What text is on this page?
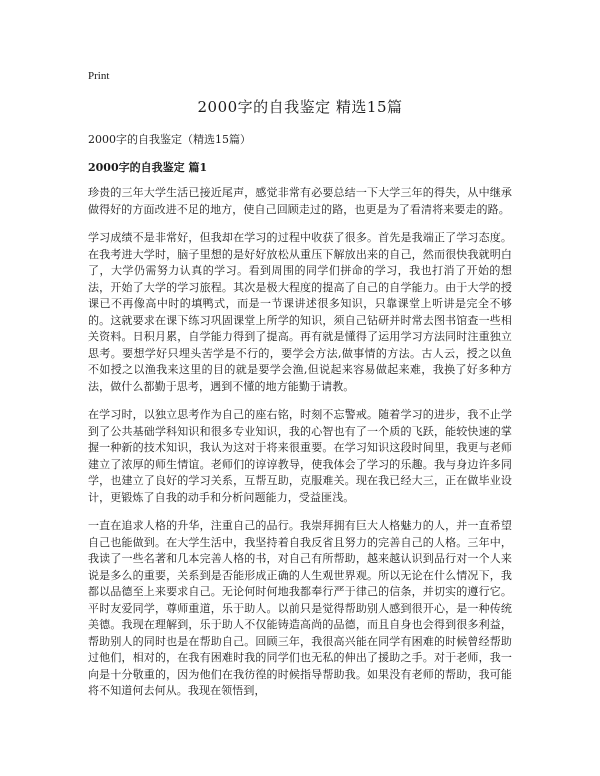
Print
2000字的自我鉴定 精选15篇
2000字的自我鉴定（精选15篇）
2000字的自我鉴定 篇1

珍贵的三年大学生活已接近尾声，感觉非常有必要总结一下大学三年的得失，从中继承做得好的方面改进不足的地方，使自己回顾走过的路，也更是为了看清将来要走的路。

学习成绩不是非常好，但我却在学习的过程中收获了很多。首先是我端正了学习态度。在我考进大学时，脑子里想的是好好放松从重压下解放出来的自己，然而很快我就明白了，大学仍需努力认真的学习。看到周围的同学们拼命的学习，我也打消了开始的想法，开始了大学的学习旅程。其次是极大程度的提高了自己的自学能力。由于大学的授课已不再像高中时的填鸭式，而是一节课讲述很多知识，只靠课堂上听讲是完全不够的。这就要求在课下练习巩固课堂上所学的知识，须自己钻研并时常去图书馆查一些相关资料。日积月累，自学能力得到了提高。再有就是懂得了运用学习方法同时注重独立思考。要想学好只埋头苦学是不行的，要学会方法,做事情的方法。古人云，授之以鱼不如授之以渔我来这里的目的就是要学会渔,但说起来容易做起来难，我换了好多种方法，做什么都勤于思考，遇到不懂的地方能勤于请教。

在学习时，以独立思考作为自己的座右铭，时刻不忘警戒。随着学习的进步，我不止学到了公共基础学科知识和很多专业知识，我的心智也有了一个质的飞跃，能较快速的掌握一种新的技术知识，我认为这对于将来很重要。在学习知识这段时间里，我更与老师建立了浓厚的师生情谊。老师们的谆谆教导，使我体会了学习的乐趣。我与身边许多同学，也建立了良好的学习关系，互帮互助，克服难关。现在我已经大三，正在做毕业设计，更锻炼了自我的动手和分析问题能力，受益匪浅。

一直在追求人格的升华，注重自己的品行。我崇拜拥有巨大人格魅力的人，并一直希望自己也能做到。在大学生活中，我坚持着自我反省且努力的完善自己的人格。三年中，我读了一些名著和几本完善人格的书，对自己有所帮助，越来越认识到品行对一个人来说是多么的重要，关系到是否能形成正确的人生观世界观。所以无论在什么情况下，我都以品德至上来要求自己。无论何时何地我都奉行严于律己的信条，并切实的遵行它。平时友爱同学，尊师重道，乐于助人。以前只是觉得帮助别人感到很开心，是一种传统美德。我现在理解到，乐于助人不仅能铸造高尚的品德，而且自身也会得到很多利益，帮助别人的同时也是在帮助自己。回顾三年，我很高兴能在同学有困难的时候曾经帮助过他们，相对的，在我有困难时我的同学们也无私的伸出了援助之手。对于老师，我一向是十分敬重的，因为他们在我彷徨的时候指导帮助我。如果没有老师的帮助，我可能将不知道何去何从。我现在领悟到，
